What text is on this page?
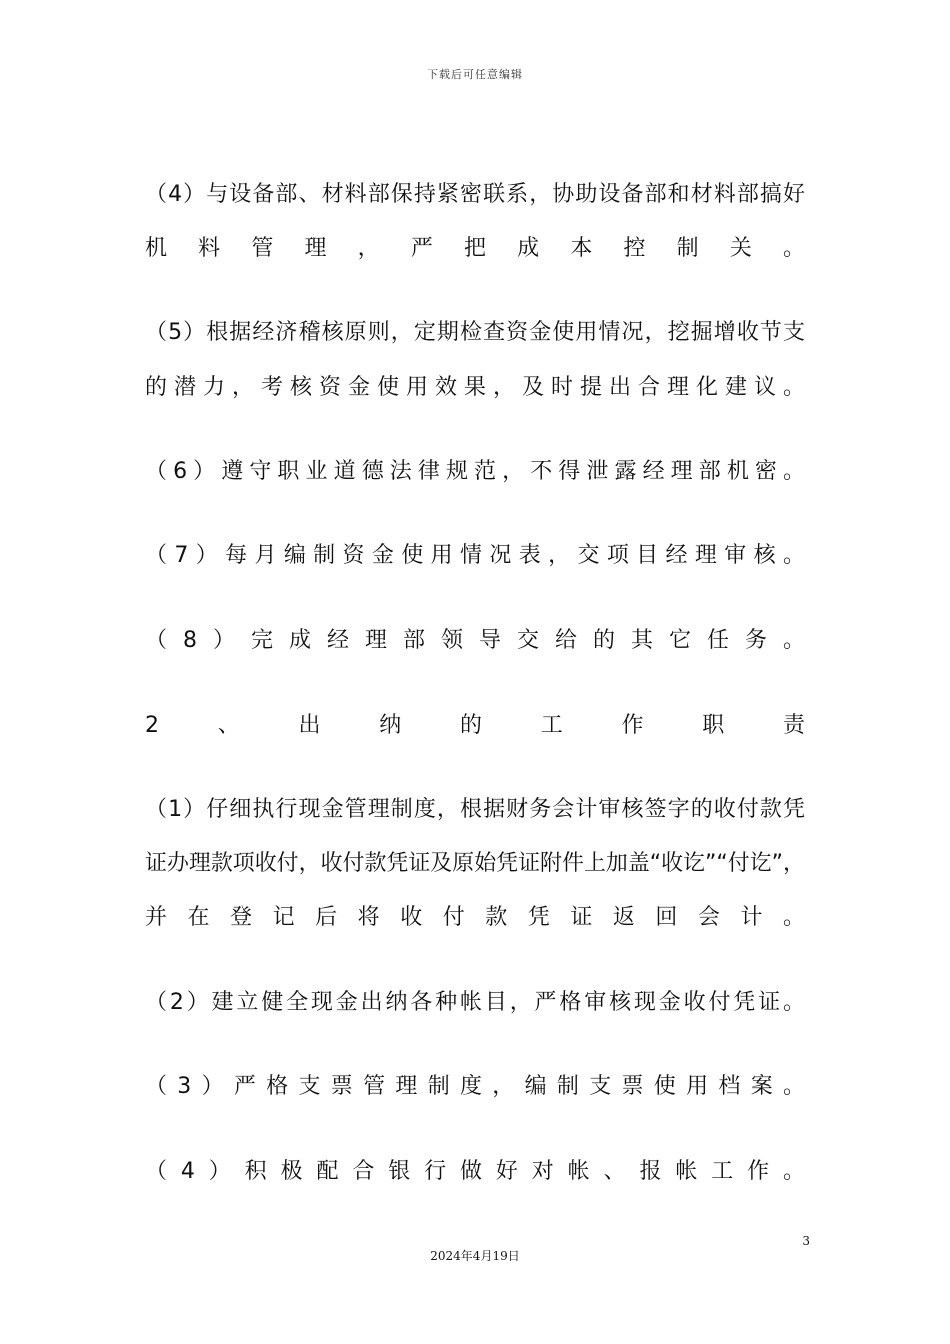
下载后可任意编辑
（4）与设备部、材料部保持紧密联系，协助设备部和材料部搞好
机料管理，严把成本控制关。
（5）根据经济稽核原则，定期检查资金使用情况，挖掘增收节支
的潜力，考核资金使用效果，及时提出合理化建议。
（6）遵守职业道德法律规范，不得泄露经理部机密。
（7）每月编制资金使用情况表，交项目经理审核。
（8）完成经理部领导交给的其它任务。
2、出纳的工作职责
（1）仔细执行现金管理制度，根据财务会计审核签字的收付款凭
证办理款项收付，收付款凭证及原始凭证附件上加盖“收讫”“付讫”，
并在登记后将收付款凭证返回会计。
（2）建立健全现金出纳各种帐目，严格审核现金收付凭证。
（3）严格支票管理制度，编制支票使用档案。
（4）积极配合银行做好对帐、报帐工作。
3
2024年4月19日
